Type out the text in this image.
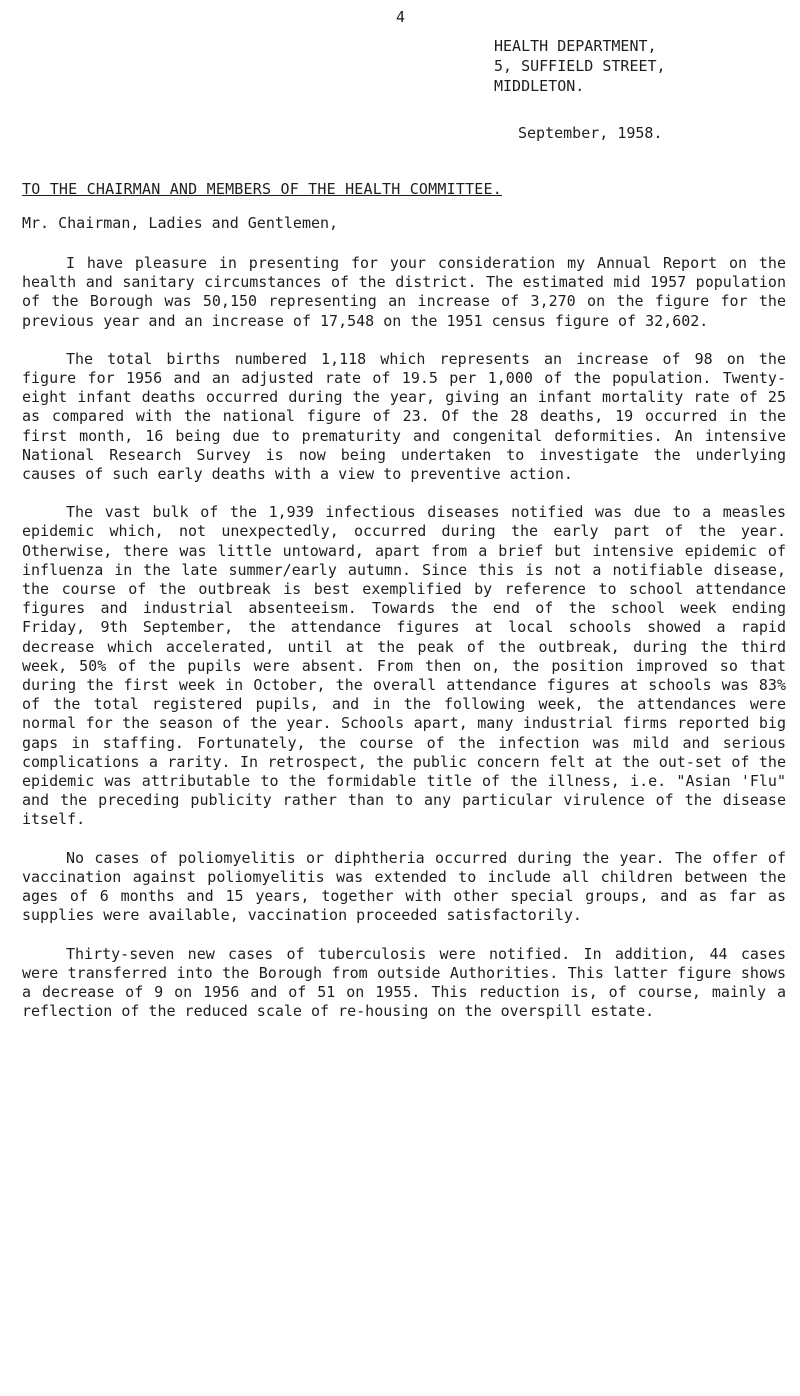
4
HEALTH DEPARTMENT,
5, SUFFIELD STREET,
MIDDLETON.
September, 1958.
TO THE CHAIRMAN AND MEMBERS OF THE HEALTH COMMITTEE.
Mr. Chairman, Ladies and Gentlemen,

I have pleasure in presenting for your consideration my Annual Report on the health and sanitary circumstances of the district. The estimated mid 1957 population of the Borough was 50,150 representing an increase of 3,270 on the figure for the previous year and an increase of 17,548 on the 1951 census figure of 32,602.

The total births numbered 1,118 which represents an increase of 98 on the figure for 1956 and an adjusted rate of 19.5 per 1,000 of the population. Twenty-eight infant deaths occurred during the year, giving an infant mortality rate of 25 as compared with the national figure of 23. Of the 28 deaths, 19 occurred in the first month, 16 being due to prematurity and congenital deformities. An intensive National Research Survey is now being undertaken to investigate the underlying causes of such early deaths with a view to preventive action.

The vast bulk of the 1,939 infectious diseases notified was due to a measles epidemic which, not unexpectedly, occurred during the early part of the year. Otherwise, there was little untoward, apart from a brief but intensive epidemic of influenza in the late summer/early autumn. Since this is not a notifiable disease, the course of the outbreak is best exemplified by reference to school attendance figures and industrial absenteeism. Towards the end of the school week ending Friday, 9th September, the attendance figures at local schools showed a rapid decrease which accelerated, until at the peak of the outbreak, during the third week, 50% of the pupils were absent. From then on, the position improved so that during the first week in October, the overall attendance figures at schools was 83% of the total registered pupils, and in the following week, the attendances were normal for the season of the year. Schools apart, many industrial firms reported big gaps in staffing. Fortunately, the course of the infection was mild and serious complications a rarity. In retrospect, the public concern felt at the out-set of the epidemic was attributable to the formidable title of the illness, i.e. "Asian 'Flu" and the preceding publicity rather than to any particular virulence of the disease itself.

No cases of poliomyelitis or diphtheria occurred during the year. The offer of vaccination against poliomyelitis was extended to include all children between the ages of 6 months and 15 years, together with other special groups, and as far as supplies were available, vaccination proceeded satisfactorily.

Thirty-seven new cases of tuberculosis were notified. In addition, 44 cases were transferred into the Borough from outside Authorities. This latter figure shows a decrease of 9 on 1956 and of 51 on 1955. This reduction is, of course, mainly a reflection of the reduced scale of re-housing on the overspill estate.
